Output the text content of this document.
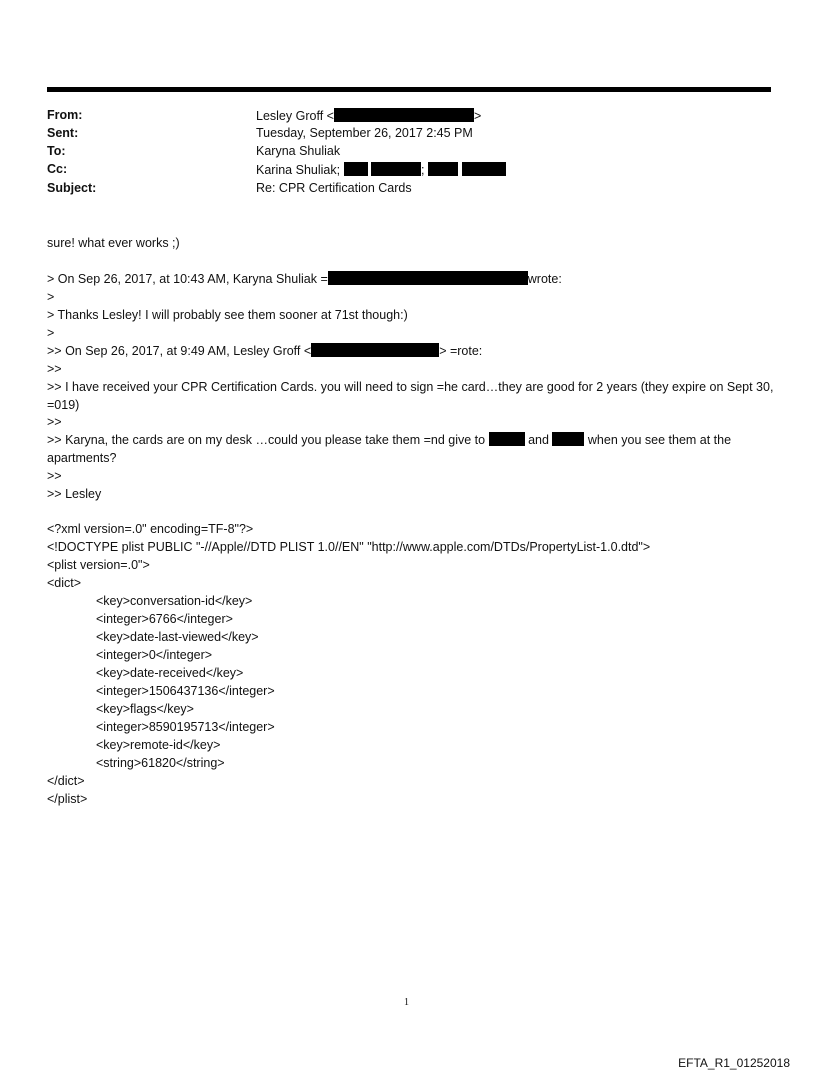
From:	Lesley Groff <	>
Sent:	Tuesday, September 26, 2017 2:45 PM
To:	Karyna Shuliak
Cc:	Karina Shuliak;	;
Subject:	Re: CPR Certification Cards
sure! what ever works ;)
> On Sep 26, 2017, at 10:43 AM, Karyna Shuliak =	wrote:
>
> Thanks Lesley! I will probably see them sooner at 71st though:)
>
>> On Sep 26, 2017, at 9:49 AM, Lesley Groff <	> =rote:
>>
>> I have received your CPR Certification Cards. you will need to sign =he card…they are good for 2 years (they expire on Sept 30, =019)
>>
>> Karyna, the cards are on my desk …could you please take them =nd give to	and	when you see them at the apartments?
>>
>> Lesley
<?xml version=.0" encoding=TF-8"?>
<!DOCTYPE plist PUBLIC "-//Apple//DTD PLIST 1.0//EN" "http://www.apple.com/DTDs/PropertyList-1.0.dtd">
<plist version=.0">
<dict>
<key>conversation-id</key>
<integer>6766</integer>
<key>date-last-viewed</key>
<integer>0</integer>
<key>date-received</key>
<integer>1506437136</integer>
<key>flags</key>
<integer>8590195713</integer>
<key>remote-id</key>
<string>61820</string>
</dict>
</plist>
1
EFTA_R1_01252018
